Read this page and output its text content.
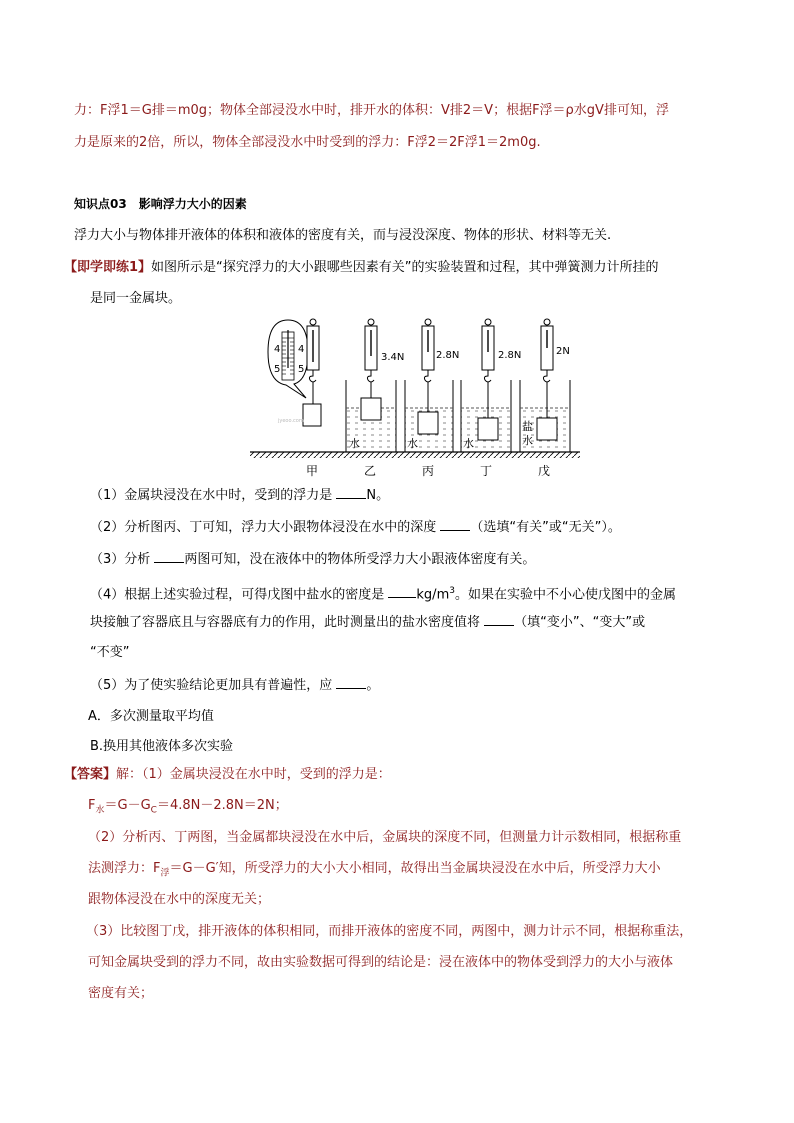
力：F浮1＝G排＝m0g；物体全部浸没水中时，排开水的体积：V排2＝V；根据F浮＝ρ水gV排可知，浮
力是原来的2倍，所以，物体全部浸没水中时受到的浮力：F浮2＝2F浮1＝2m0g.
知识点03　影响浮力大小的因素
浮力大小与物体排开液体的体积和液体的密度有关，而与浸没深度、物体的形状、材料等无关.
【即学即练1】如图所示是“探究浮力的大小跟哪些因素有关”的实验装置和过程，其中弹簧测力计所挂的
是同一金属块。
4 4
5 5
jyeoo.com
3.4N
水
2.8N
水
2.8N
水
2N
盐
水
甲	乙	丙	丁	戊
（1）金属块浸没在水中时，受到的浮力是 N。
（2）分析图丙、丁可知，浮力大小跟物体浸没在水中的深度 （选填“有关”或“无关”）。
（3）分析 两图可知，没在液体中的物体所受浮力大小跟液体密度有关。
（4）根据上述实验过程，可得戊图中盐水的密度是 $kg/m^3$。如果在实验中不小心使戊图中的金属
块接触了容器底且与容器底有力的作用，此时测量出的盐水密度值将 （填“变小”、“变大”或
“不变”
（5）为了使实验结论更加具有普遍性，应 。
A．多次测量取平均值
B.换用其他液体多次实验
【答案】解：（1）金属块浸没在水中时，受到的浮力是：
$F_水=G-G_C=4.8N-2.8N=2N$；
（2）分析丙、丁两图，当金属都块浸没在水中后，金属块的深度不同，但测量力计示数相同，根据称重
法测浮力：$F_浮=G-G'$知，所受浮力的大小大小相同，故得出当金属块浸没在水中后，所受浮力大小
跟物体浸没在水中的深度无关；
（3）比较图丁戊，排开液体的体积相同，而排开液体的密度不同，两图中，测力计示不同，根据称重法，
可知金属块受到的浮力不同，故由实验数据可得到的结论是：浸在液体中的物体受到浮力的大小与液体
密度有关；
